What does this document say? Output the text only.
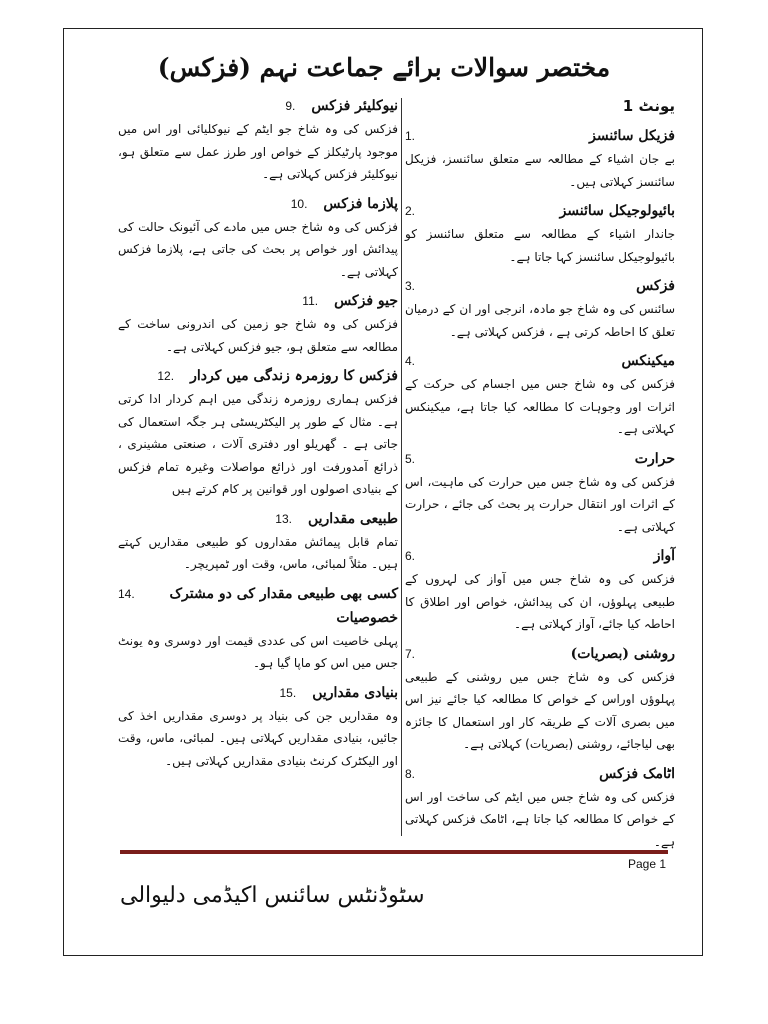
مختصر سوالات برائے جماعت نہم (فزکس)
یونٹ 1
فزیکل سائنسز
1.
بے جان اشیاء کے مطالعہ سے متعلق سائنسز، فزیکل سائنسز کہلاتی ہیں۔
بائیولوجیکل سائنسز
2.
جاندار اشیاء کے مطالعہ سے متعلق سائنسز کو بائیولوجیکل سائنسز کہا جاتا ہے۔
فزکس
3.
سائنس کی وہ شاخ جو مادہ، انرجی اور ان کے درمیان تعلق کا احاطہ کرتی ہے ، فزکس کہلاتی ہے۔
میکینکس
4.
فزکس کی وہ شاخ جس میں اجسام کی حرکت کے اثرات اور وجوہات کا مطالعہ کیا جاتا ہے، میکینکس کہلاتی ہے۔
حرارت
5.
فزکس کی وہ شاخ جس میں حرارت کی ماہیت، اس کے اثرات اور انتقال حرارت پر بحث کی جائے ، حرارت کہلاتی ہے۔
آواز
6.
فزکس کی وہ شاخ جس میں آواز کی لہروں کے طبیعی پہلوؤں، ان کی پیدائش، خواص اور اطلاق کا احاطہ کیا جائے، آواز کہلاتی ہے۔
روشنی (بصریات)
7.
فزکس کی وہ شاخ جس میں روشنی کے طبیعی پہلوؤں اوراس کے خواص کا مطالعہ کیا جائے نیز اس میں بصری آلات کے طریقہ کار اور استعمال کا جائزہ بھی لیاجائے، روشنی (بصریات) کہلاتی ہے۔
اٹامک فزکس
8.
فزکس کی وہ شاخ جس میں ایٹم کی ساخت اور اس کے خواص کا مطالعہ کیا جاتا ہے، اٹامک فزکس کہلاتی ہے۔
نیوکلیئر فزکس
9.
فزکس کی وہ شاخ جو ایٹم کے نیوکلیائی اور اس میں موجود پارٹیکلز کے خواص اور طرز عمل سے متعلق ہو، نیوکلیئر فزکس کہلاتی ہے۔
پلازما فزکس
10.
فزکس کی وہ شاخ جس میں مادے کی آئیونک حالت کی پیدائش اور خواص پر بحث کی جاتی ہے، پلازما فزکس کہلاتی ہے۔
جیو فزکس
11.
فزکس کی وہ شاخ جو زمین کی اندرونی ساخت کے مطالعہ سے متعلق ہو، جیو فزکس کہلاتی ہے۔
فزکس کا روزمرہ زندگی میں کردار
12.
فزکس ہماری روزمرہ زندگی میں اہم کردار ادا کرتی ہے۔ مثال کے طور پر الیکٹریسٹی ہر جگہ استعمال کی جاتی ہے ۔ گھریلو اور دفتری آلات ، صنعتی مشینری ، ذرائع آمدورفت اور ذرائع مواصلات وغیرہ تمام فزکس کے بنیادی اصولوں اور قوانین پر کام کرتے ہیں
طبیعی مقداریں
13.
تمام قابل پیمائش مقداروں کو طبیعی مقداریں کہتے ہیں۔ مثلاً لمبائی، ماس، وقت اور ٹمپریچر۔
کسی بھی طبیعی مقدار کی دو مشترک خصوصیات
14.
پہلی خاصیت اس کی عددی قیمت اور دوسری وہ یونٹ جس میں اس کو ماپا گیا ہو۔
بنیادی مقداریں
15.
وہ مقداریں جن کی بنیاد پر دوسری مقداریں اخذ کی جائیں، بنیادی مقداریں کہلاتی ہیں۔ لمبائی، ماس، وقت اور الیکٹرک کرنٹ بنیادی مقداریں کہلاتی ہیں۔
Page 1
سٹوڈنٹس سائنس اکیڈمی دلیوالی
